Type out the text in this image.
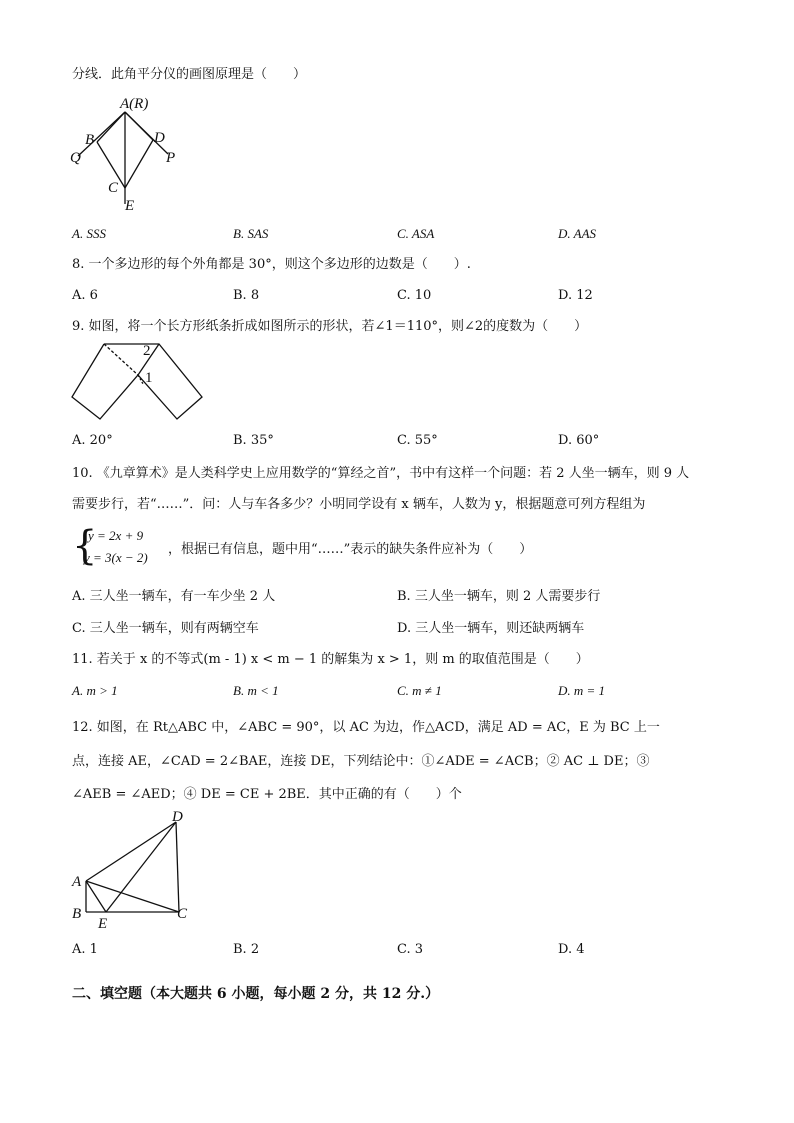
分线．此角平分仪的画图原理是（　　）
A(R)
B	D
Q	P
C
E
A. SSS	B. SAS	C. ASA	D. AAS
8. 一个多边形的每个外角都是 30°，则这个多边形的边数是（　　）.
A. 6	B. 8	C. 10	D. 12
9. 如图，将一个长方形纸条折成如图所示的形状，若∠1＝110°，则∠2的度数为（　　）
2
1
A. 20°	B. 35°	C. 55°	D. 60°
10. 《九章算术》是人类科学史上应用数学的“算经之首”，书中有这样一个问题：若 2 人坐一辆车，则 9 人
需要步行，若“……”．问：人与车各多少？小明同学设有 x 辆车，人数为 y，根据题意可列方程组为
{
y = 2x + 9
y = 3(x − 2)
，根据已有信息，题中用“……”表示的缺失条件应补为（　　）
A. 三人坐一辆车，有一车少坐 2 人	B. 三人坐一辆车，则 2 人需要步行
C. 三人坐一辆车，则有两辆空车	D. 三人坐一辆车，则还缺两辆车
11. 若关于 x 的不等式(m - 1) x < m − 1 的解集为 x > 1，则 m 的取值范围是（　　）
A. m > 1	B. m < 1	C. m ≠ 1	D. m = 1
12. 如图，在 Rt△ABC 中，∠ABC = 90°，以 AC 为边，作△ACD，满足 AD = AC，E 为 BC 上一
点，连接 AE，∠CAD = 2∠BAE，连接 DE，下列结论中：①∠ADE = ∠ACB；② AC ⊥ DE；③
∠AEB = ∠AED；④ DE = CE + 2BE．其中正确的有（　　）个
A
B
E
C
D
A. 1	B. 2	C. 3	D. 4
二、填空题（本大题共 6 小题，每小题 2 分，共 12 分.）
